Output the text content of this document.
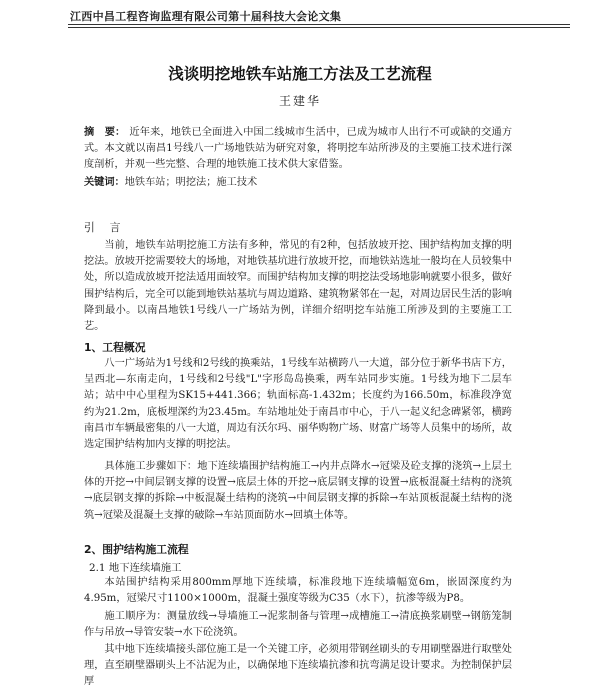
江西中昌工程咨询监理有限公司第十届科技大会论文集
浅谈明挖地铁车站施工方法及工艺流程
王建华

摘　要： 近年来，地铁已全面进入中国二线城市生活中，已成为城市人出行不可或缺的交通方式。本文就以南昌1号线八一广场地铁站为研究对象，将明挖车站所涉及的主要施工技术进行深度剖析，并观一些完整、合理的地铁施工技术供大家借鉴。

关键词：地铁车站；明挖法；施工技术

引　言

当前，地铁车站明挖施工方法有多种，常见的有2种，包括放坡开挖、围护结构加支撑的明挖法。放坡开挖需要较大的场地，对地铁基坑进行放坡开挖，而地铁站选址一般均在人员较集中处，所以造成放坡开挖法适用面较窄。而围护结构加支撑的明挖法受场地影响就要小很多，做好围护结构后，完全可以能到地铁站基坑与周边道路、建筑物紧邻在一起，对周边居民生活的影响降到最小。以南昌地铁1号线八一广场站为例，详细介绍明挖车站施工所涉及到的主要施工工艺。

1、工程概况

八一广场站为1号线和2号线的换乘站，1号线车站横跨八一大道，部分位于新华书店下方，呈西北—东南走向，1号线和2号线"L"字形岛岛换乘，两车站同步实施。1号线为地下二层车站；站中中心里程为SK15+441.366；轨面标高-1.432m；长度约为166.50m，标准段净宽约为21.2m，底板埋深约为23.45m。车站地址处于南昌市中心，于八一起义纪念碑紧邻，横跨南昌市车辆最密集的八一大道，周边有沃尔玛、丽华购物广场、财富广场等人员集中的场所，故选定围护结构加内支撑的明挖法。

具体施工步骤如下：地下连续墙围护结构施工→内井点降水→冠梁及砼支撑的浇筑→上层土体的开挖→中间层钢支撑的设置→底层土体的开挖→底层钢支撑的设置→底板混凝土结构的浇筑→底层钢支撑的拆除→中板混凝土结构的浇筑→中间层钢支撑的拆除→车站顶板混凝土结构的浇筑→冠梁及混凝土支撑的破除→车站顶面防水→回填土体等。

2、围护结构施工流程

2.1 地下连续墙施工

本站围护结构采用800mm厚地下连续墙，标准段地下连续墙幅宽6m，嵌固深度约为4.95m，冠梁尺寸1100×1000m，混凝土强度等级为C35（水下），抗渗等级为P8。

施工顺序为：测量放线→导墙施工→泥浆制备与管理→成槽施工→清底换浆刷壁→钢筋笼制作与吊放→导管安装→水下砼浇筑。

其中地下连续墙接头部位施工是一个关键工序，必须用带钢丝刷头的专用刷壁器进行取壁处理，直至刷壁器刷头上不沾泥为止，以确保地下连续墙抗渗和抗弯满足设计要求。为控制保护层厚
